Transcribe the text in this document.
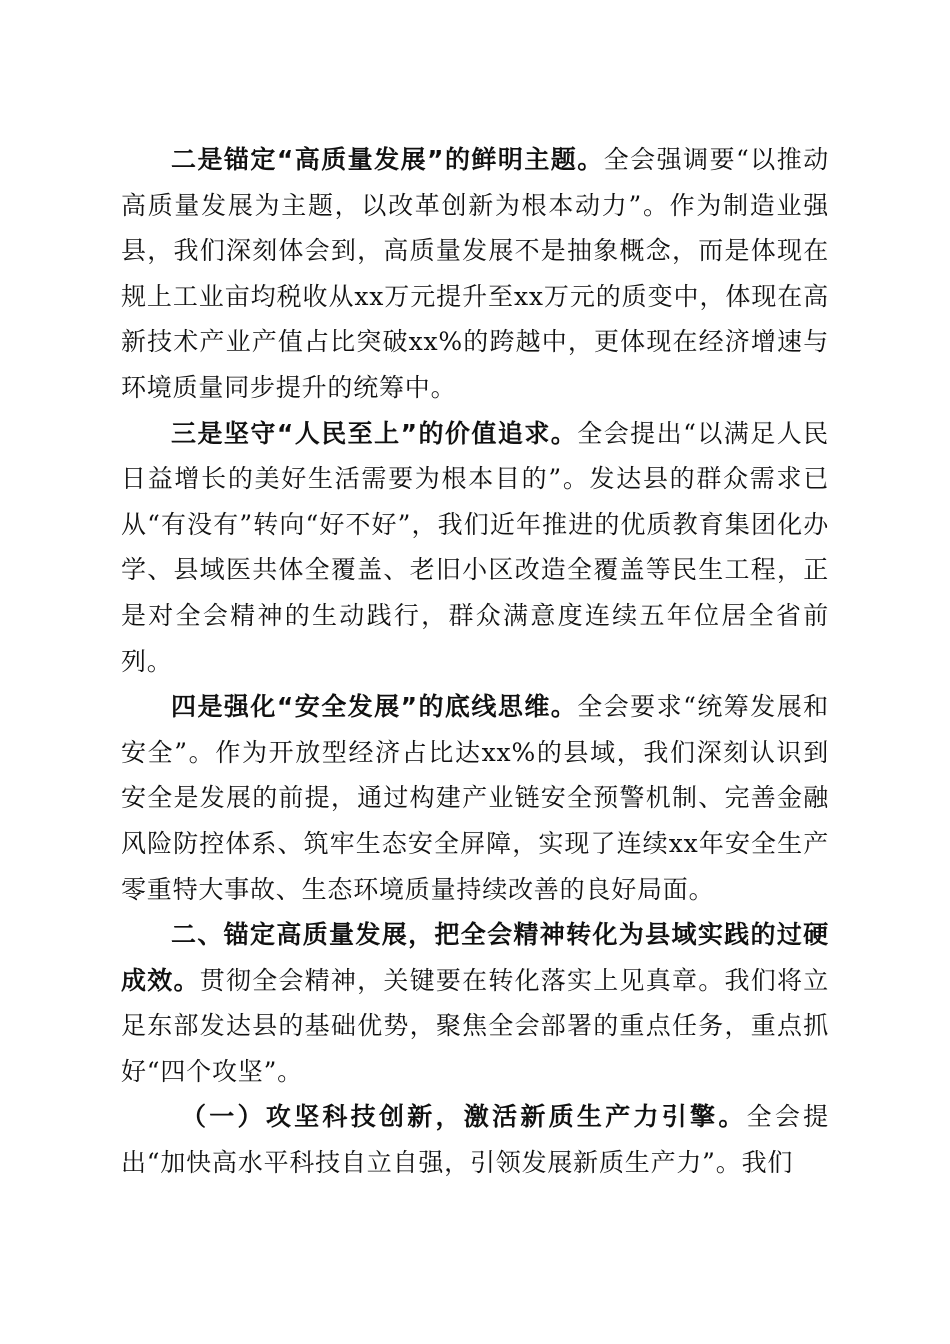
二是锚定“高质量发展”的鲜明主题。全会强调要“以推动高质量发展为主题，以改革创新为根本动力”。作为制造业强县，我们深刻体会到，高质量发展不是抽象概念，而是体现在规上工业亩均税收从xx万元提升至xx万元的质变中，体现在高新技术产业产值占比突破xx%的跨越中，更体现在经济增速与环境质量同步提升的统筹中。

三是坚守“人民至上”的价值追求。全会提出“以满足人民日益增长的美好生活需要为根本目的”。发达县的群众需求已从“有没有”转向“好不好”，我们近年推进的优质教育集团化办学、县域医共体全覆盖、老旧小区改造全覆盖等民生工程，正是对全会精神的生动践行，群众满意度连续五年位居全省前列。

四是强化“安全发展”的底线思维。全会要求“统筹发展和安全”。作为开放型经济占比达xx%的县域，我们深刻认识到安全是发展的前提，通过构建产业链安全预警机制、完善金融风险防控体系、筑牢生态安全屏障，实现了连续xx年安全生产零重特大事故、生态环境质量持续改善的良好局面。

二、锚定高质量发展，把全会精神转化为县域实践的过硬成效。贯彻全会精神，关键要在转化落实上见真章。我们将立足东部发达县的基础优势，聚焦全会部署的重点任务，重点抓好“四个攻坚”。

（一）攻坚科技创新，激活新质生产力引擎。全会提出“加快高水平科技自立自强，引领发展新质生产力”。我们
